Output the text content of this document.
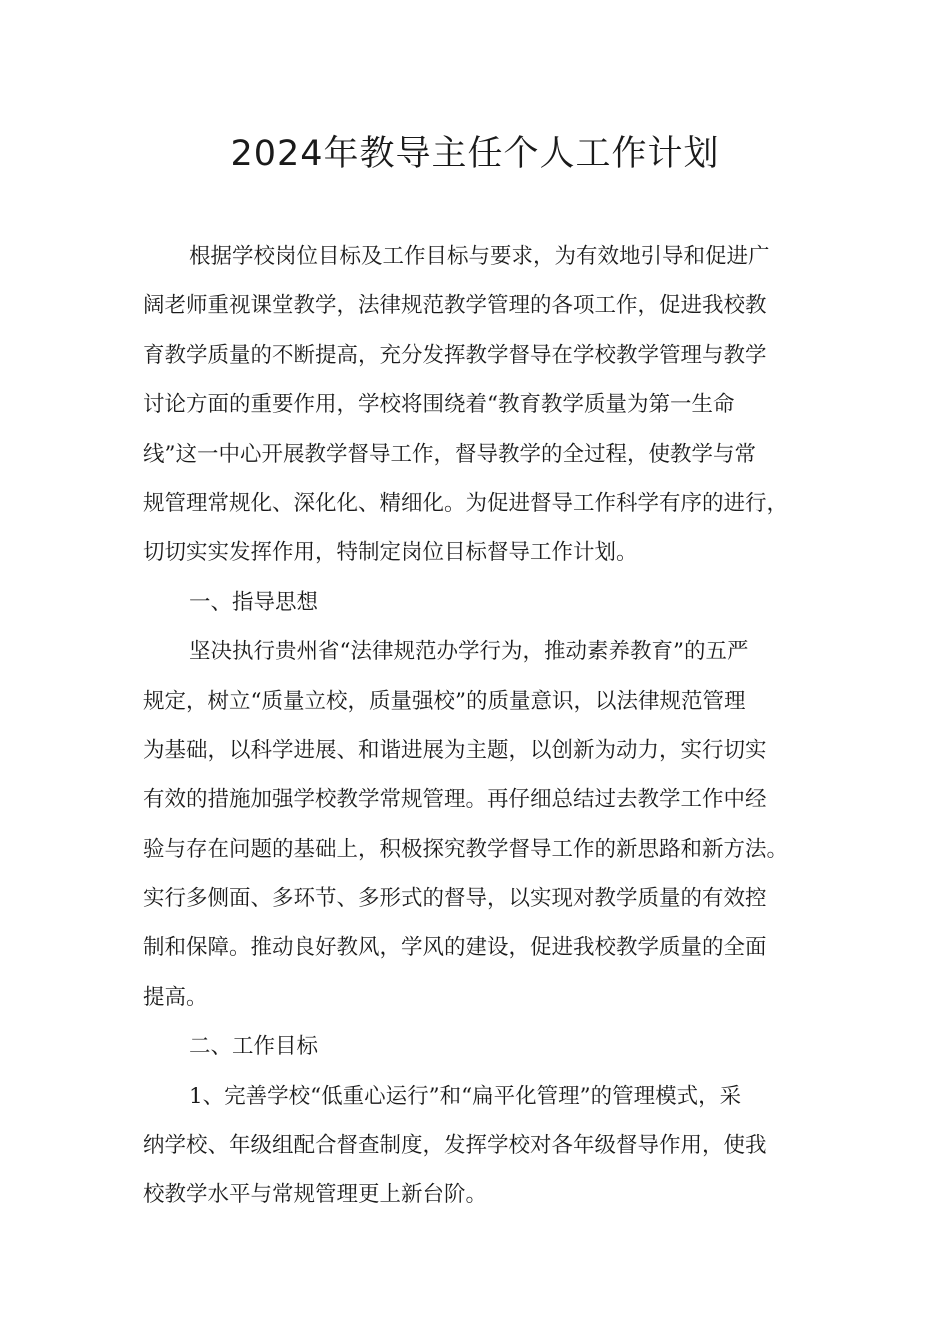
2024年教导主任个人工作计划
根据学校岗位目标及工作目标与要求，为有效地引导和促进广
阔老师重视课堂教学，法律规范教学管理的各项工作，促进我校教
育教学质量的不断提高，充分发挥教学督导在学校教学管理与教学
讨论方面的重要作用，学校将围绕着“教育教学质量为第一生命
线”这一中心开展教学督导工作，督导教学的全过程，使教学与常
规管理常规化、深化化、精细化。为促进督导工作科学有序的进行，
切切实实发挥作用，特制定岗位目标督导工作计划。
一、指导思想
坚决执行贵州省“法律规范办学行为，推动素养教育”的五严
规定，树立“质量立校，质量强校”的质量意识，以法律规范管理
为基础，以科学进展、和谐进展为主题，以创新为动力，实行切实
有效的措施加强学校教学常规管理。再仔细总结过去教学工作中经
验与存在问题的基础上，积极探究教学督导工作的新思路和新方法。
实行多侧面、多环节、多形式的督导，以实现对教学质量的有效控
制和保障。推动良好教风，学风的建设，促进我校教学质量的全面
提高。
二、工作目标
1、完善学校“低重心运行”和“扁平化管理”的管理模式，采
纳学校、年级组配合督查制度，发挥学校对各年级督导作用，使我
校教学水平与常规管理更上新台阶。
